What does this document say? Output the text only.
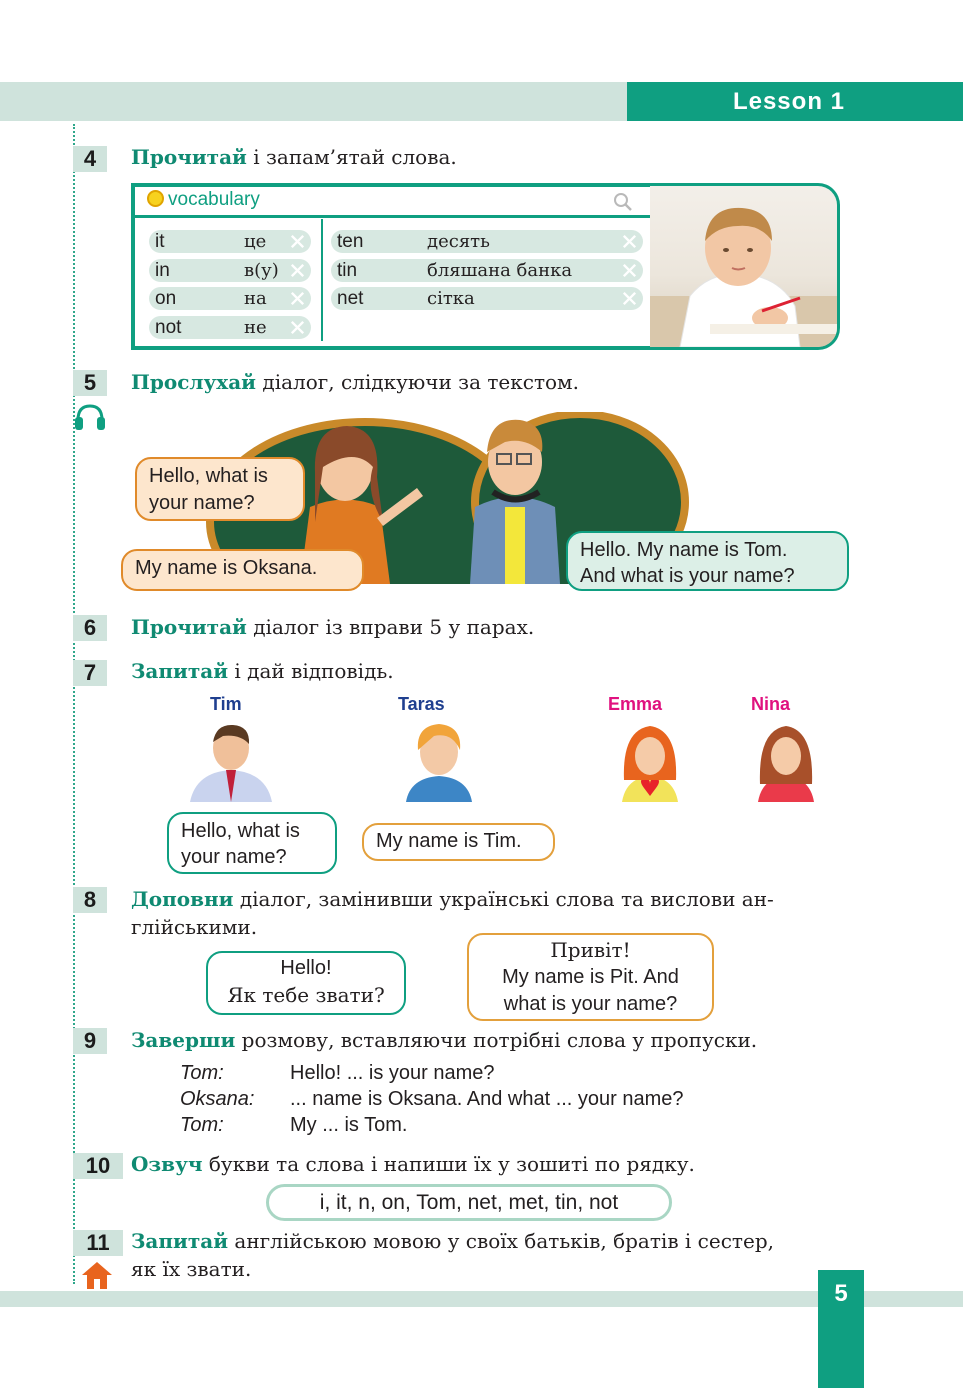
Lesson 1
4	Прочитай і запам’ятай слова.
vocabulary
it	це
in	в(у)
on	на
not	не
ten	десять
tin	бляшана банка
net	сітка
5	Прослухай діалог, слідкуючи за текстом.
Hello, what is
your name?
My name is Oksana.
Hello. My name is Tom.
And what is your name?
6	Прочитай діалог із вправи 5 у парах.
7	Запитай і дай відповідь.
Tim	Taras	Emma	Nina
Hello, what is
your name?
My name is Tim.
8	Доповни діалог, замінивши українські слова та вислови ан-
глійськими.
Hello!
Як тебе звати?
Привіт!
My name is Pit. And
what is your name?
9	Заверши розмову, вставляючи потрібні слова у пропуски.
Tom:	Hello! ... is your name?
Oksana: ... name is Oksana. And what ... your name?
Tom:	My ... is Tom.
10	Озвуч букви та слова і напиши їх у зошиті по рядку.
i, it, n, on, Tom, net, met, tin, not
11	Запитай англійською мовою у своїх батьків, братів і сестер,
як їх звати.
5
